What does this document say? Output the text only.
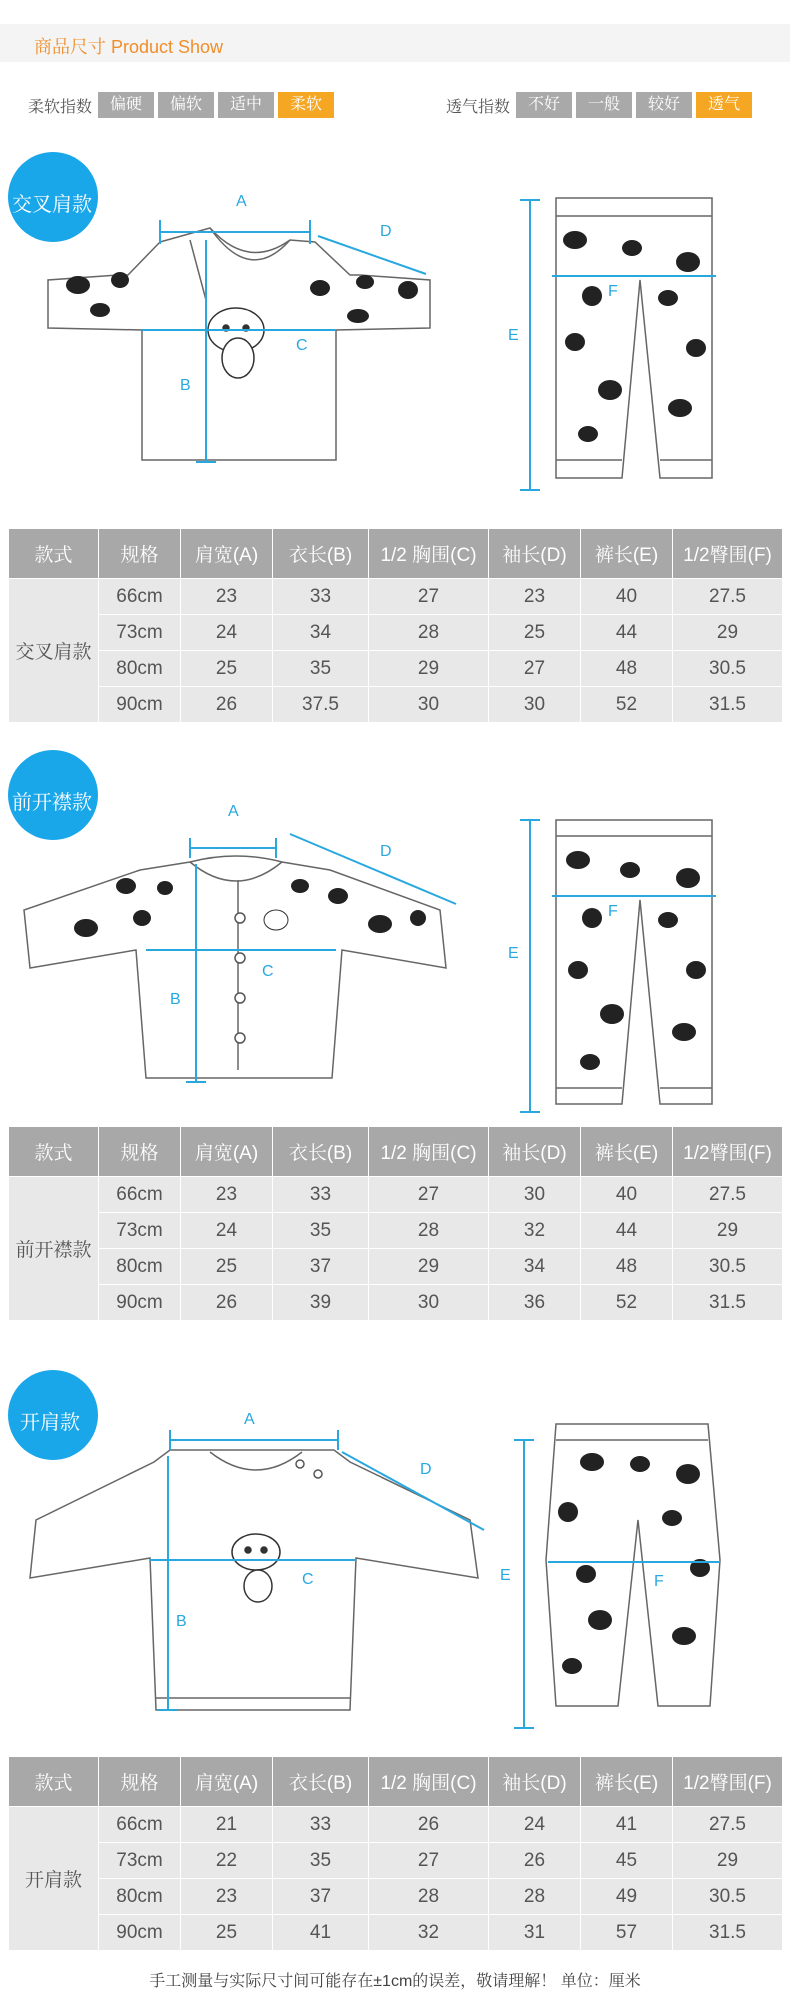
商品尺寸 Product Show
柔软指数	偏硬	偏软	适中	柔软	透气指数	不好	一般	较好	透气
交叉肩款	A
B
C
D
E
F
款式	规格	肩宽(A)	衣长(B)	1/2 胸围(C)	袖长(D)	裤长(E)	1/2臀围(F)
交叉肩款	66cm	23	33	27	23	40	27.5
	73cm	24	34	28	25	44	29
	80cm	25	35	29	27	48	30.5
	90cm	26	37.5	30	30	52	31.5
前开襟款	A
B
C
D
E
F
款式	规格	肩宽(A)	衣长(B)	1/2 胸围(C)	袖长(D)	裤长(E)	1/2臀围(F)
前开襟款	66cm	23	33	27	30	40	27.5
	73cm	24	35	28	32	44	29
	80cm	25	37	29	34	48	30.5
	90cm	26	39	30	36	52	31.5
开肩款	A
B
C
D
E	F
款式	规格	肩宽(A)	衣长(B)	1/2 胸围(C)	袖长(D)	裤长(E)	1/2臀围(F)
开肩款	66cm	21	33	26	24	41	27.5
	73cm	22	35	27	26	45	29
	80cm	23	37	28	28	49	30.5
	90cm	25	41	32	31	57	31.5
手工测量与实际尺寸间可能存在±1cm的误差，敬请理解！ 单位：厘米
